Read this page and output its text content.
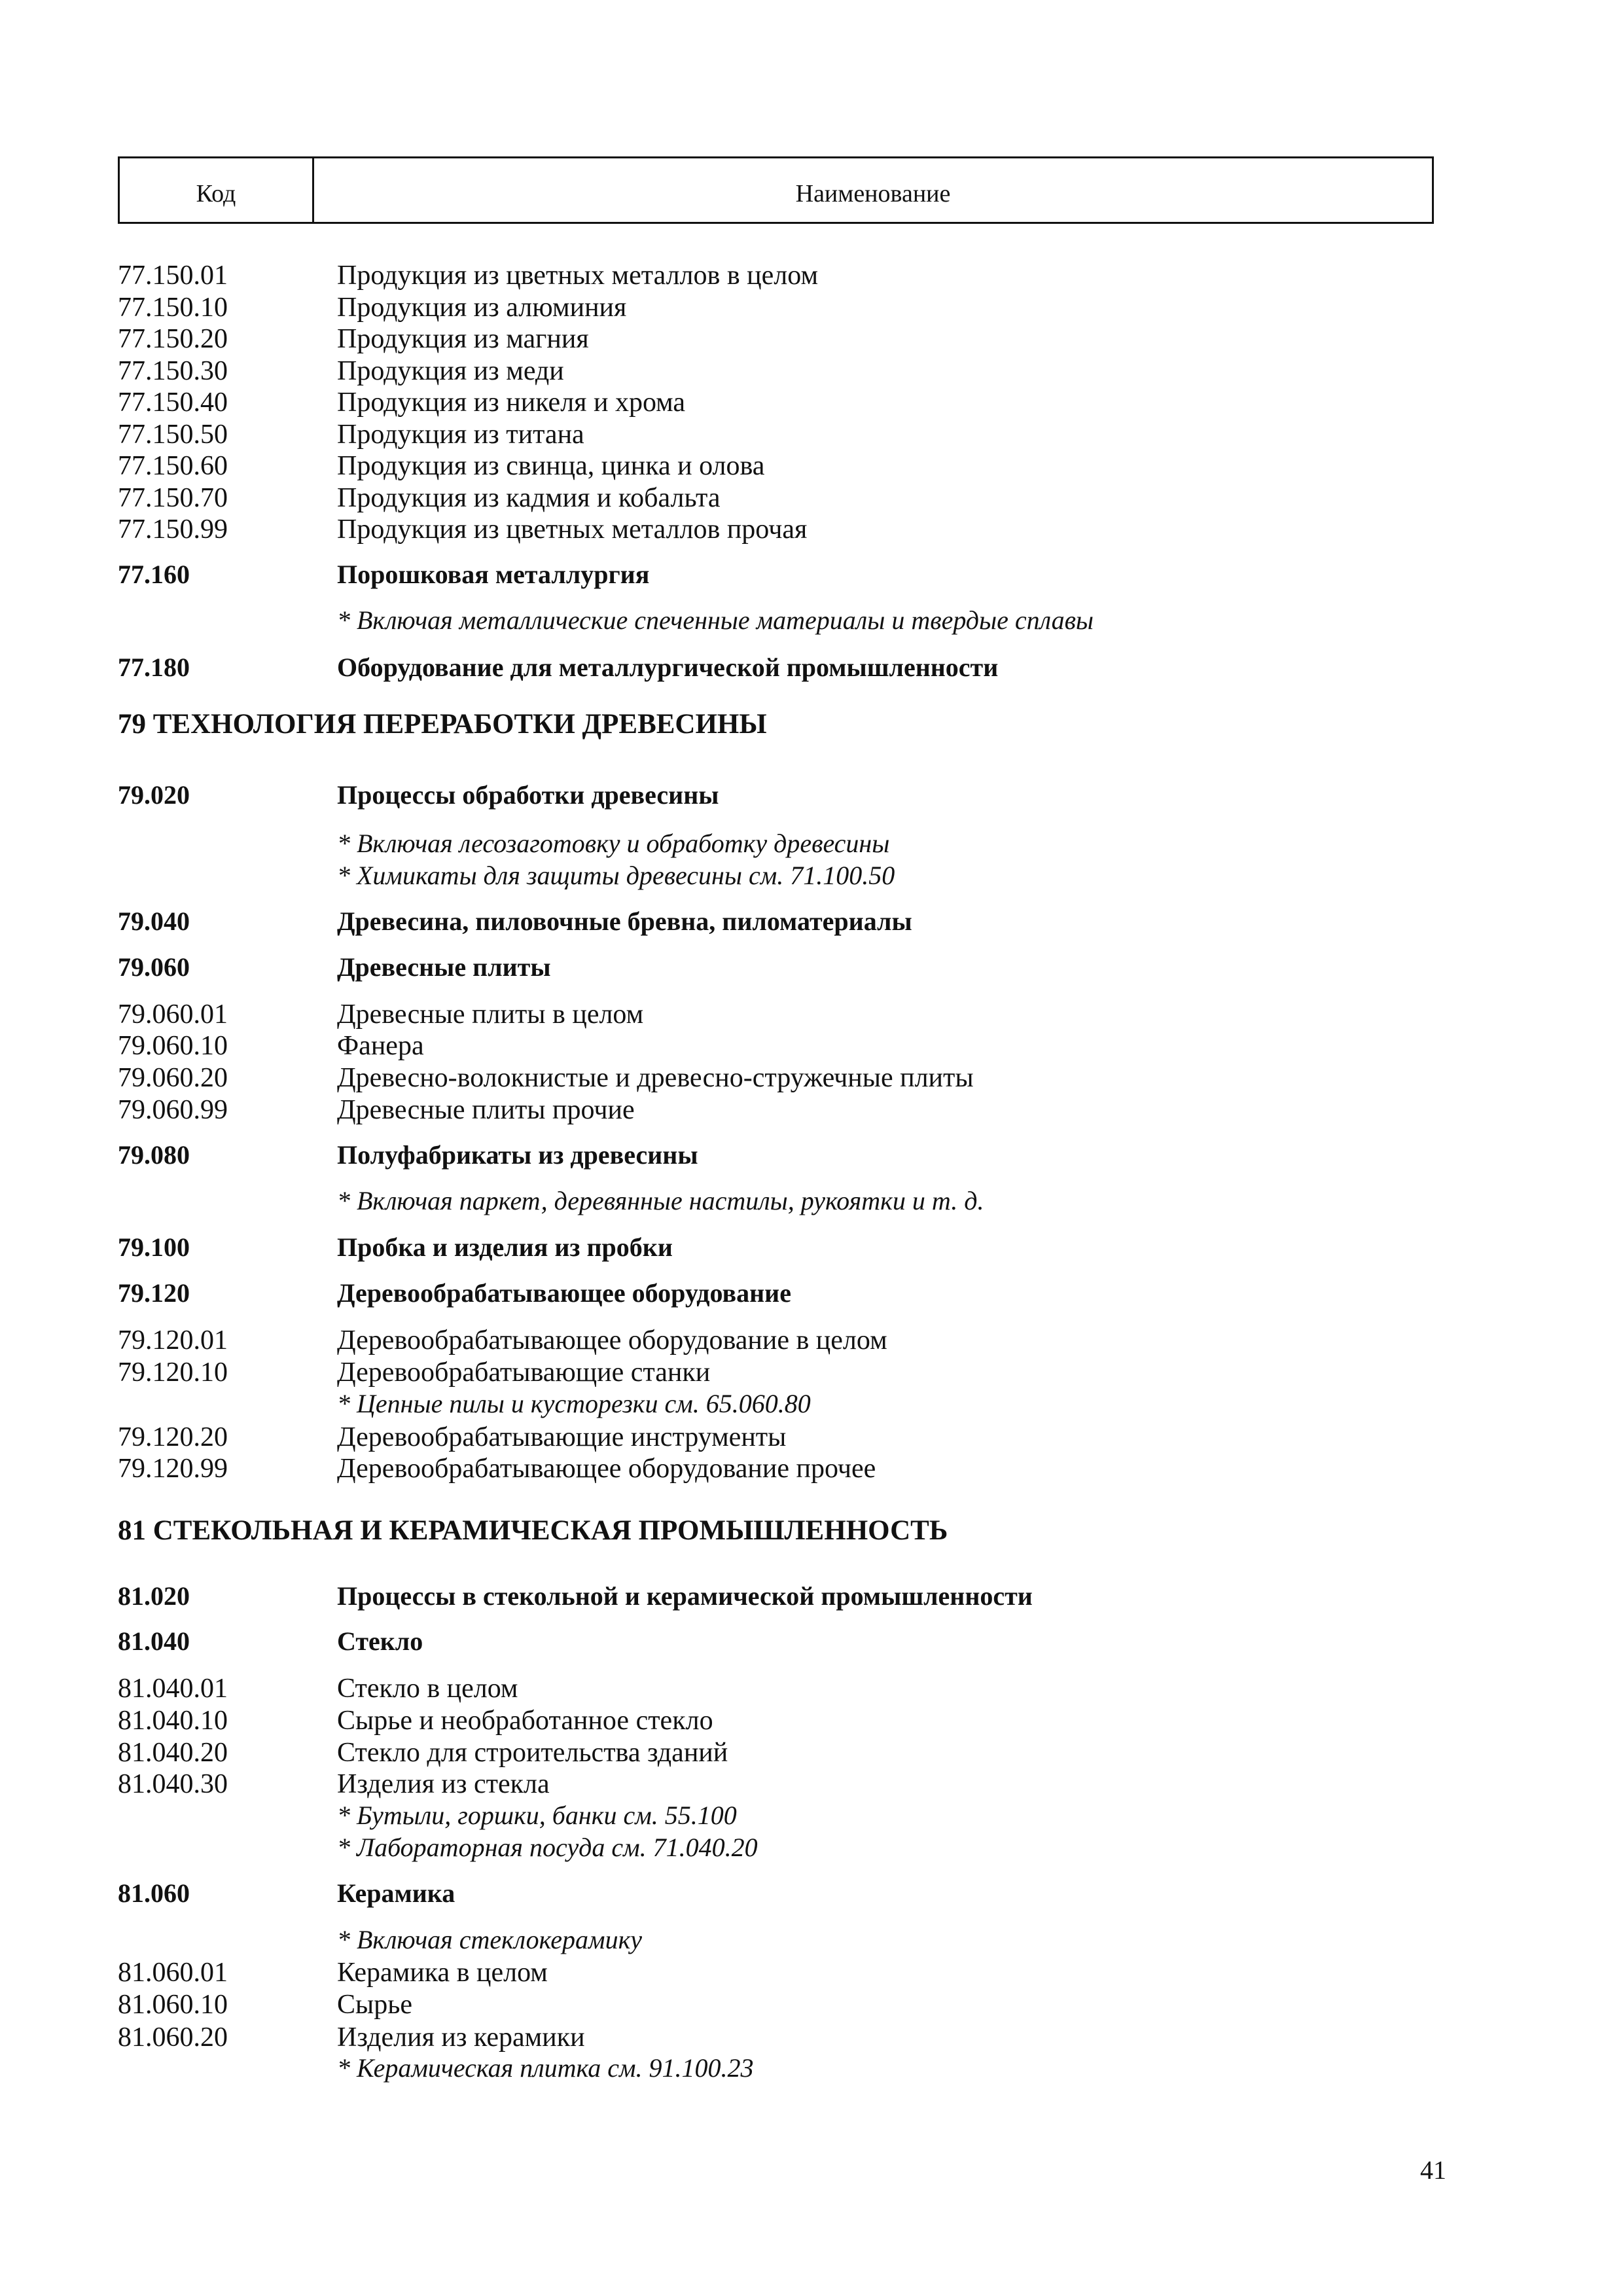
Код	Наименование
77.150.01	Продукция из цветных металлов в целом
77.150.10	Продукция из алюминия
77.150.20	Продукция из магния
77.150.30	Продукция из меди
77.150.40	Продукция из никеля и хрома
77.150.50	Продукция из титана
77.150.60	Продукция из свинца, цинка и олова
77.150.70	Продукция из кадмия и кобальта
77.150.99	Продукция из цветных металлов прочая
77.160	Порошковая металлургия
* Включая металлические спеченные материалы и твердые сплавы
77.180	Оборудование для металлургической промышленности
79 ТЕХНОЛОГИЯ ПЕРЕРАБОТКИ ДРЕВЕСИНЫ
79.020	Процессы обработки древесины
* Включая лесозаготовку и обработку древесины
* Химикаты для защиты древесины см. 71.100.50
79.040	Древесина, пиловочные бревна, пиломатериалы
79.060	Древесные плиты
79.060.01	Древесные плиты в целом
79.060.10	Фанера
79.060.20	Древесно-волокнистые и древесно-стружечные плиты
79.060.99	Древесные плиты прочие
79.080	Полуфабрикаты из древесины
* Включая паркет, деревянные настилы, рукоятки и т. д.
79.100	Пробка и изделия из пробки
79.120	Деревообрабатывающее оборудование
79.120.01	Деревообрабатывающее оборудование в целом
79.120.10	Деревообрабатывающие станки
* Цепные пилы и кусторезки см. 65.060.80
79.120.20	Деревообрабатывающие инструменты
79.120.99	Деревообрабатывающее оборудование прочее
81 СТЕКОЛЬНАЯ И КЕРАМИЧЕСКАЯ ПРОМЫШЛЕННОСТЬ
81.020	Процессы в стекольной и керамической промышленности
81.040	Стекло
81.040.01	Стекло в целом
81.040.10	Сырье и необработанное стекло
81.040.20	Стекло для строительства зданий
81.040.30	Изделия из стекла
* Бутыли, горшки, банки см. 55.100
* Лабораторная посуда см. 71.040.20
81.060	Керамика
* Включая стеклокерамику
81.060.01	Керамика в целом
81.060.10	Сырье
81.060.20	Изделия из керамики
* Керамическая плитка см. 91.100.23
41
